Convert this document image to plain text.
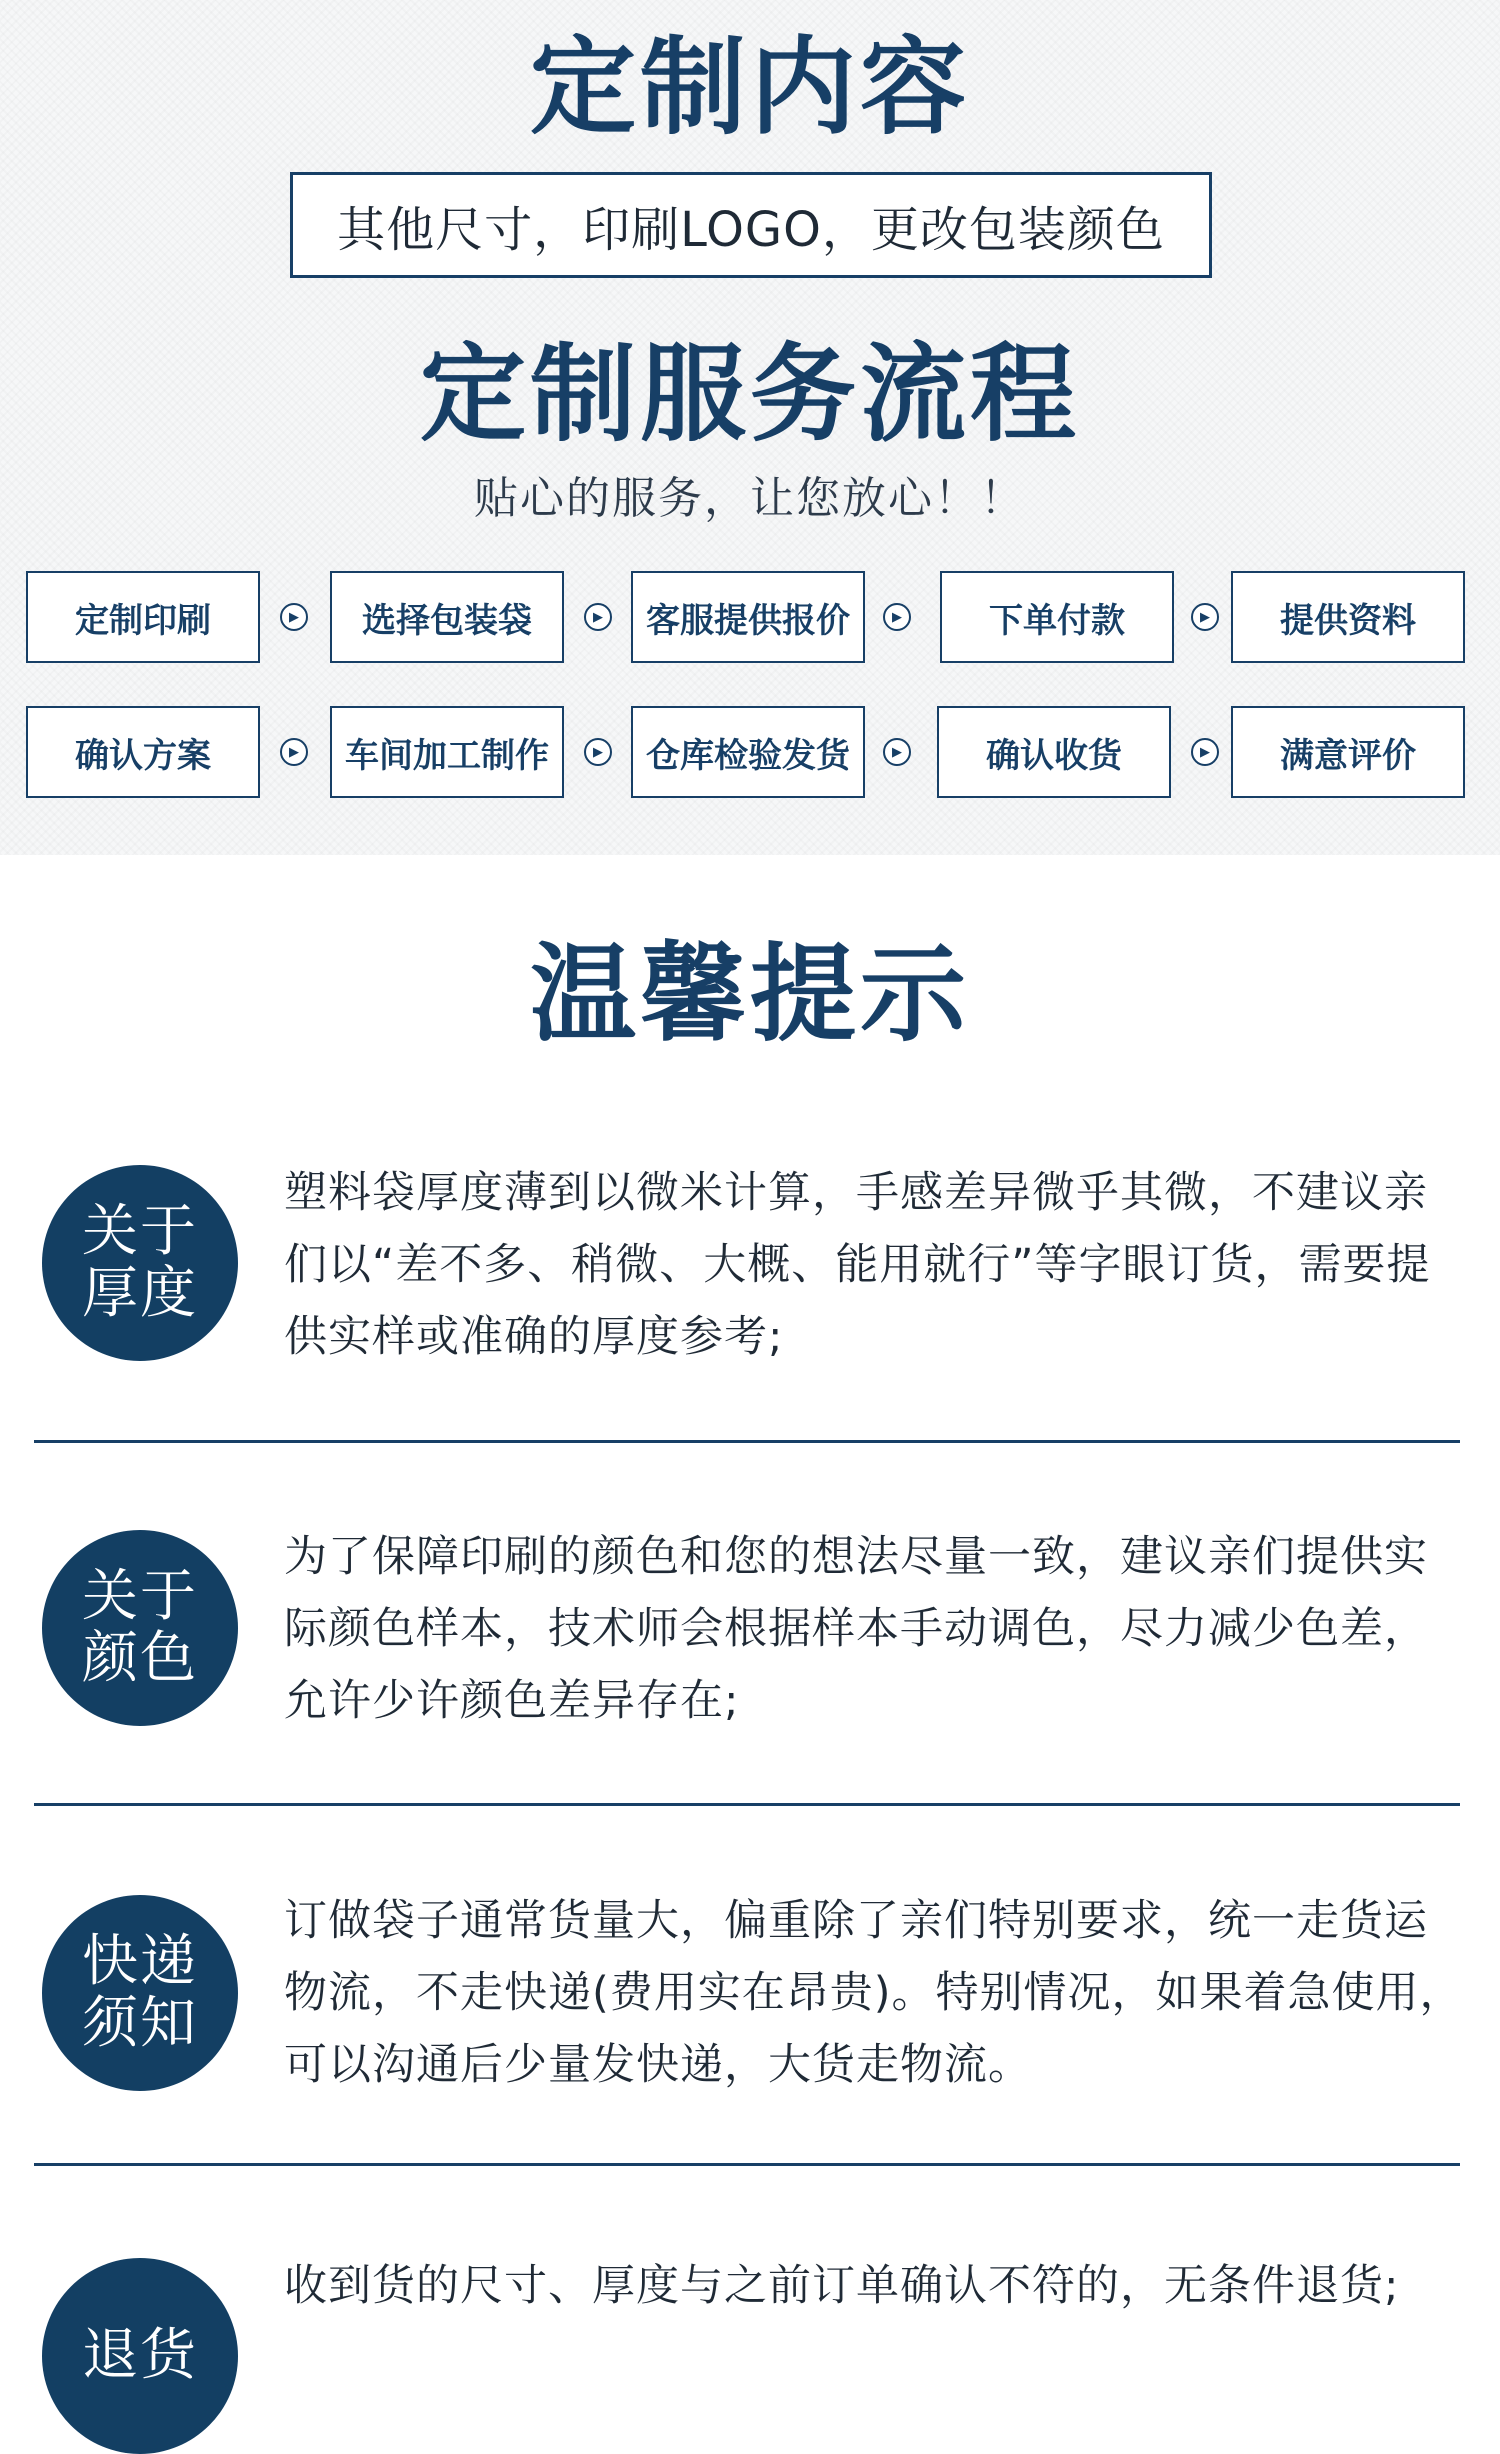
定制内容
其他尺寸，印刷LOGO，更改包装颜色
定制服务流程
贴心的服务，让您放心！！
定制印刷	▶	选择包装袋	▶	客服提供报价	▶	下单付款	▶	提供资料
确认方案	▶	车间加工制作	▶	仓库检验发货	▶	确认收货	▶	满意评价
温馨提示
关于厚度
塑料袋厚度薄到以微米计算，手感差异微乎其微，不建议亲们以“差不多、稍微、大概、能用就行”等字眼订货，需要提供实样或准确的厚度参考;
关于颜色
为了保障印刷的颜色和您的想法尽量一致，建议亲们提供实际颜色样本，技术师会根据样本手动调色，尽力减少色差，允许少许颜色差异存在;
快递须知
订做袋子通常货量大，偏重除了亲们特别要求，统一走货运物流，不走快递(费用实在昂贵)。特别情况，如果着急使用，可以沟通后少量发快递，大货走物流。
退货
收到货的尺寸、厚度与之前订单确认不符的，无条件退货;
